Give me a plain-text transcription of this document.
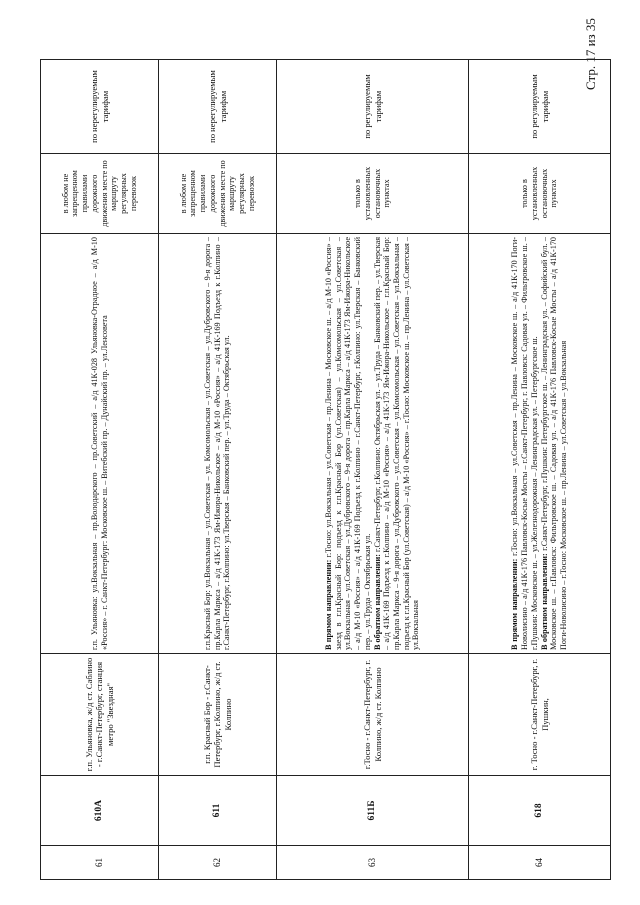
Стр. 17 из 35
61	610А	г.п. Ульяновка, ж/д ст. Саблино - г.Санкт-Петербург, станция метро "Звездная"	г.п. Ульяновка: ул.Вокзальная – пр.Володарского – пр.Советский – а/д 41К-028 Ульяновка-Отрадное – а/д М-10 «Россия» – г. Санкт-Петербург: Московское ш. – Витебский пр. – Дунайский пр. – ул.Ленсовета	в любом не запрещенном правилами дорожного движения месте по маршруту регулярных перевозок	по нерегулируемым тарифам
62	611	г.п. Красный Бор - г.Санкт-Петербург, г.Колпино, ж/д ст. Колпино	г.п.Красный Бор: ул.Вокзальная – ул.Советская – ул. Комсомольская – ул.Советская – ул.Дубровского – 9-я дорога – пр.Карла Маркса – а/д 41К-173 Ям-Ижора-Никольское – а/д М-10 «Россия» – а/д 41К-169 Подъезд к г.Колпино – г.Санкт-Петербург, г.Колпино: ул.Тверская – Банковский пер. – ул.Труда – Октябрьская ул.	в любом не запрещенном правилами дорожного движения месте по маршруту регулярных перевозок	по нерегулируемым тарифам
63	611Б	г.Тосно - г.Санкт-Петербург, г. Колпино, ж/д ст. Колпино	В прямом направлении: г.Тосно: ул.Вокзальная – ул.Советская – пр.Ленина – Московское ш. – а/д М-10 «Россия» – заезд в г.п.Красный Бор: подъезд к г.п.Красный Бор (ул.Советская) – ул.Комсомольская – ул.Советская – ул.Вокзальная – ул.Советская – ул.Дубровского – 9-я дорога – пр.Карла Маркса – а/д 41К-173 Ям-Ижора-Никольское – а/д М-10 «Россия» – а/д 41К-169 Подъезд к г.Колпино – г.Санкт-Петербург, г.Колпино: ул.Тверская – Банковский пер. – ул.Труда – Октябрьская ул. В обратном направлении: г.Санкт-Петербург, г.Колпино: Октябрьская ул. – ул.Труда – Банковский пер. – ул.Тверская – а/д 41К-169 Подъезд к г.Колпино – а/д М-10 «Россия» – а/д 41К-173 Ям-Ижора-Никольское – г.п.Красный Бор: пр.Карла Маркса – 9-я дорога – ул.Дубровского – ул.Советская – ул.Комсомольская – ул.Советская – ул.Вокзальная – подъезд к г.п.Красный Бор (ул.Советская) – а/д М-10 «Россия» – г.Тосно: Московское ш. – пр.Ленина – ул.Советская – ул.Вокзальная	только в установленных остановочных пунктах	по регулируемым тарифам
64	618	г. Тосно - г.Санкт-Петербург, г. Пушкин,	В прямом направлении: г.Тосно: ул.Вокзальная – ул.Советская – пр.Ленина – Московское ш. – а/д 41К-170 Поги-Новолисино – а/д 41К-176 Павловск-Косые Мосты – г.Санкт-Петербург, г. Павловск: Садовая ул. – Фильтровское ш. – г.Пушкин: Московское ш. – ул.Железнодорожная – Ленинградская ул. – Петербургское ш. В обратном направлении: г.Санкт-Петербург, г.Пушкин: Петербургское ш. – Ленинградская ул. – Софийский бул. – Московское ш. – г.Павловск: Фильтровское ш. – Садовая ул. – а/д 41К-176 Павловск-Косые Мосты – а/д 41К-170 Поги-Новолисино – г.Тосно: Московское ш. – пр.Ленина – ул.Советская – ул.Вокзальная	только в установленных остановочных пунктах	по регулируемым тарифам
